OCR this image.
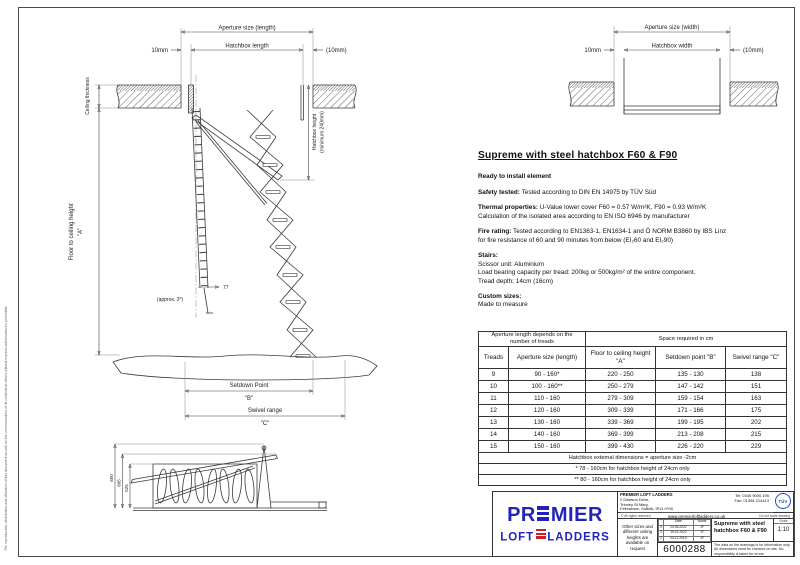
The reproduction, distribution and utilization of this document as well as the communication of its contents to others without express authorization is prohibited.
Aperture size (length)
Hatchbox length
10mm	(10mm)
Ceiling thickness
Floor to ceiling height "A"
Hatchbox height (minimum 240mm)
77
(approx. 3°)
Setdown Point
"B"
Swivel range
"C"
Aperture size (width)
Hatchbox width
10mm	(10mm)
650
605
525
Supreme with steel hatchbox F60 & F90

Ready to install element

Safety tested: Tested according to DIN EN 14975 by TÜV Süd

Thermal properties: U-Value lower cover F60 = 0.57 W/m²K, F90 = 0.93 W/m²K

Calculation of the isolated area according to EN ISO 6946 by manufacturer

Fire rating: Tested according to EN1363-1, EN1634-1 and Ö NORM B3860 by IBS Linz

for fire resistance of 60 and 90 minutes from below (EI₂60 and EI₂90)

Stairs:

Scissor unit: Aluminium

Load bearing capacity per tread: 200kg or 500kg/m² of the entire component.

Tread depth: 14cm (16cm)

Custom sizes:

Made to measure

Aperture length depends on the number of treads		Space required in cm		
Treads	Aperture size (length)	Floor to ceiling height "A"	Setdown point "B"	Swivel range "C"
9	90 - 160*	220 - 250	135 - 130	138
10	100 - 160**	250 - 279	147 - 142	151
11	110 - 160	279 - 309	159 - 154	163
12	120 - 160	309 - 339	171 - 166	175
13	130 - 160	339 - 369	199 - 195	202
14	140 - 160	369 - 399	213 - 208	215
15	150 - 160	399 - 430	226 - 220	229
Hatchbox external dimensions = aperture size -2cm				
* 78 - 160cm for hatchbox height of 24cm only				
** 80 - 160cm for hatchbox height of 24cm only				
PR MIER
LOFT LADDERS
PREMIER LOFT LADDERS
2 Dawson Drive,
Trimley St Mary,
Felixstowe, Suffolk, IP11 0YW
Tel: 0345 9000 195
Fax: 01394 214413
www.premierloftladders.co.uk
TÜV
© All rights reserved	Do not scale drawing
Other sizes and different ceiling heights are available on request
	Date	Name
4	24.06.2022	JF
3	19.01.2022	JF
2	04.11.2019	JF
6000288
Supreme with steel
hatchbox F60 & F90
Scale
1:10
The data on the drawings is for information only. All dimensions must be checked on site. No responsibility is taken for errors.
